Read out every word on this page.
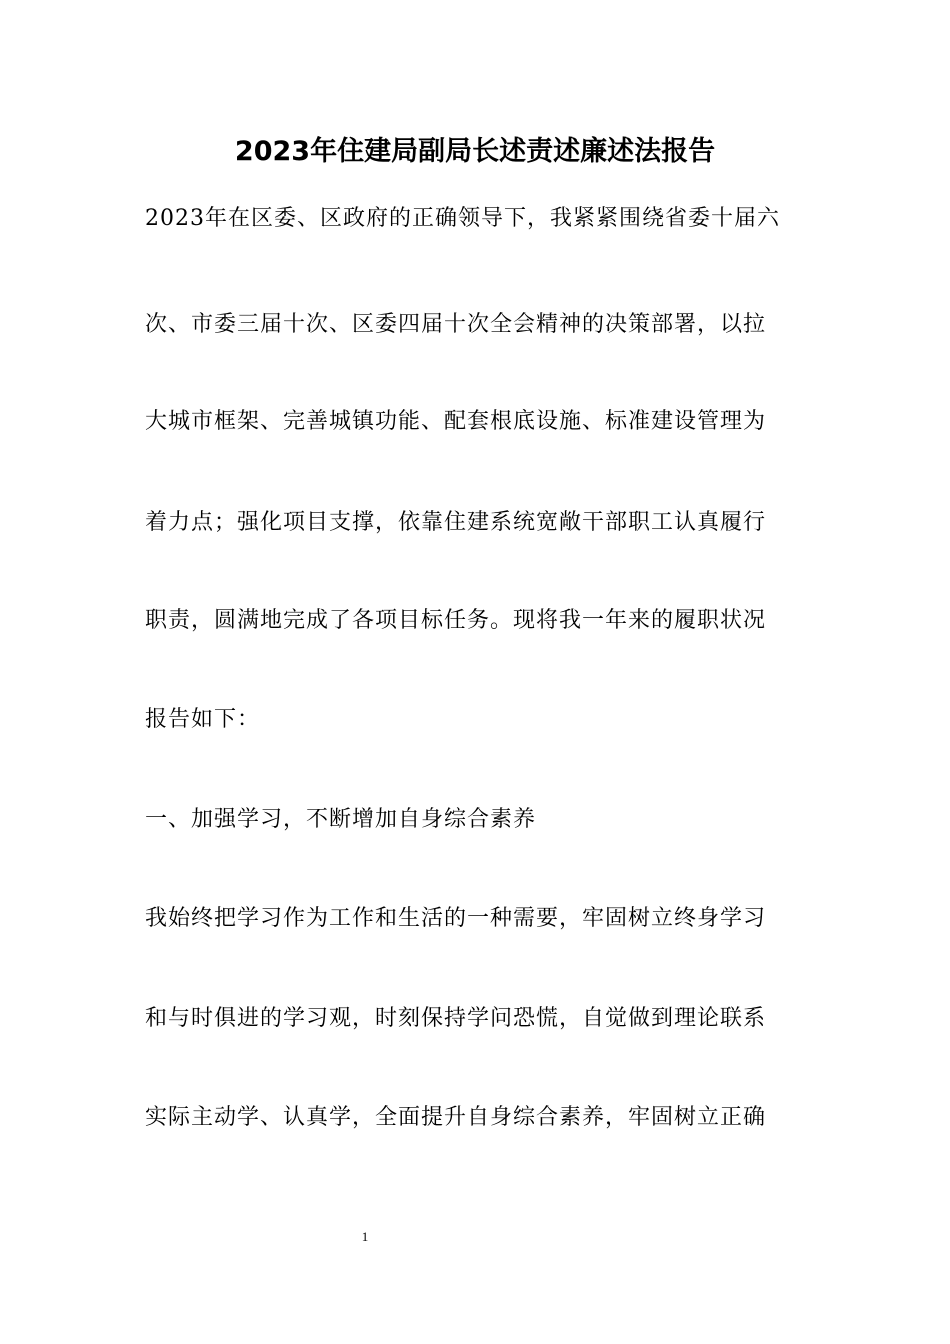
2023年住建局副局长述责述廉述法报告
2023年在区委、区政府的正确领导下，我紧紧围绕省委十届六
次、市委三届十次、区委四届十次全会精神的决策部署，以拉
大城市框架、完善城镇功能、配套根底设施、标准建设管理为
着力点；强化项目支撑，依靠住建系统宽敞干部职工认真履行
职责，圆满地完成了各项目标任务。现将我一年来的履职状况
报告如下：
一、加强学习，不断增加自身综合素养
我始终把学习作为工作和生活的一种需要，牢固树立终身学习
和与时俱进的学习观，时刻保持学问恐慌，自觉做到理论联系
实际主动学、认真学，全面提升自身综合素养，牢固树立正确
1
